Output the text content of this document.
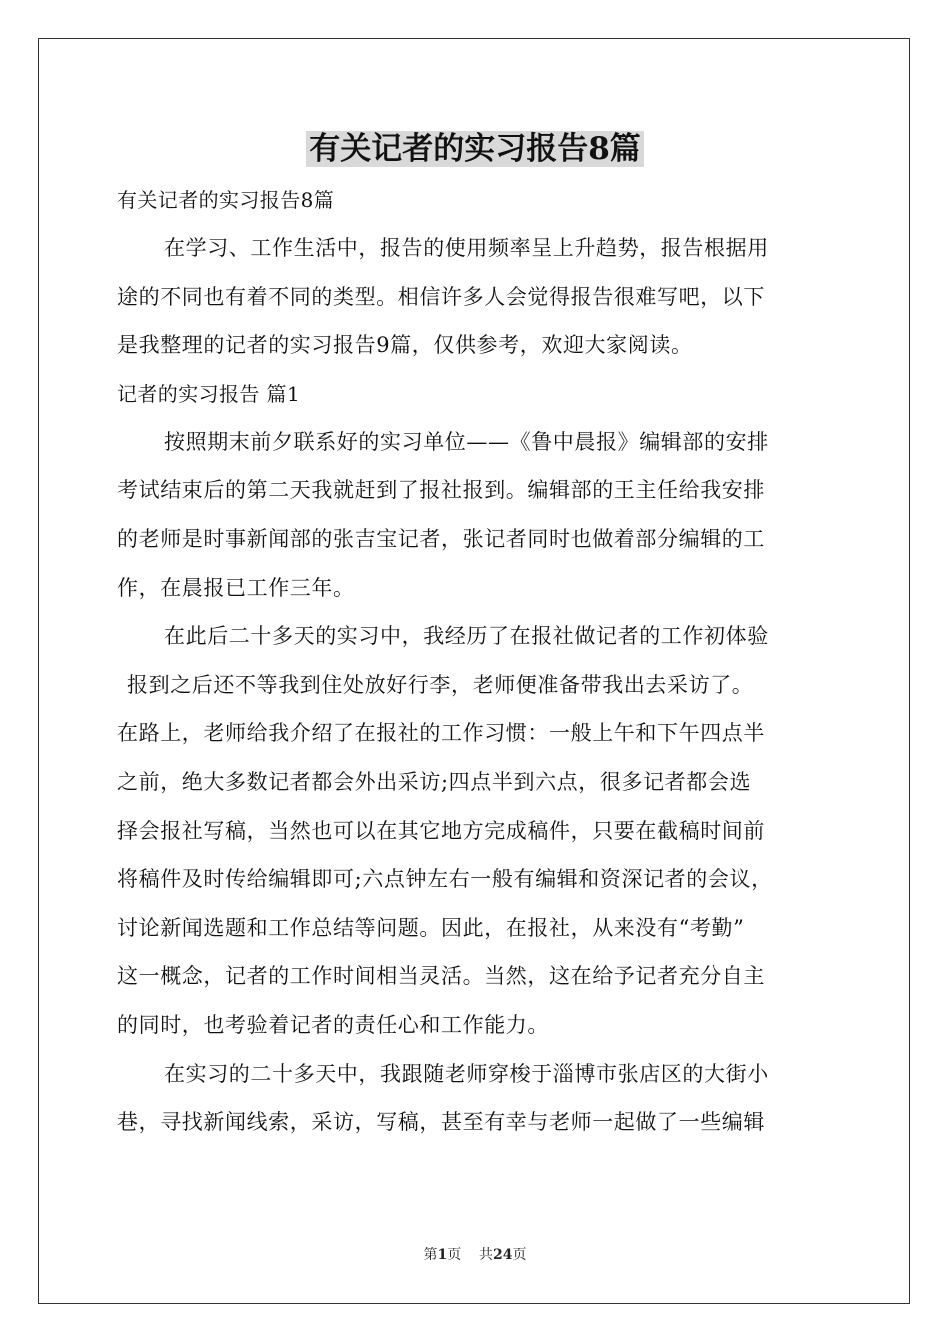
有关记者的实习报告8篇
有关记者的实习报告8篇
在学习、工作生活中，报告的使用频率呈上升趋势，报告根据用
途的不同也有着不同的类型。相信许多人会觉得报告很难写吧，以下
是我整理的记者的实习报告9篇，仅供参考，欢迎大家阅读。
记者的实习报告 篇1
按照期末前夕联系好的实习单位——《鲁中晨报》编辑部的安排
考试结束后的第二天我就赶到了报社报到。编辑部的王主任给我安排
的老师是时事新闻部的张吉宝记者，张记者同时也做着部分编辑的工
作，在晨报已工作三年。
在此后二十多天的实习中，我经历了在报社做记者的工作初体验
报到之后还不等我到住处放好行李，老师便准备带我出去采访了。
在路上，老师给我介绍了在报社的工作习惯：一般上午和下午四点半
之前，绝大多数记者都会外出采访;四点半到六点，很多记者都会选
择会报社写稿，当然也可以在其它地方完成稿件，只要在截稿时间前
将稿件及时传给编辑即可;六点钟左右一般有编辑和资深记者的会议，
讨论新闻选题和工作总结等问题。因此，在报社，从来没有“考勤”
这一概念，记者的工作时间相当灵活。当然，这在给予记者充分自主
的同时，也考验着记者的责任心和工作能力。
在实习的二十多天中，我跟随老师穿梭于淄博市张店区的大街小
巷，寻找新闻线索，采访，写稿，甚至有幸与老师一起做了一些编辑
第1页    共24页
